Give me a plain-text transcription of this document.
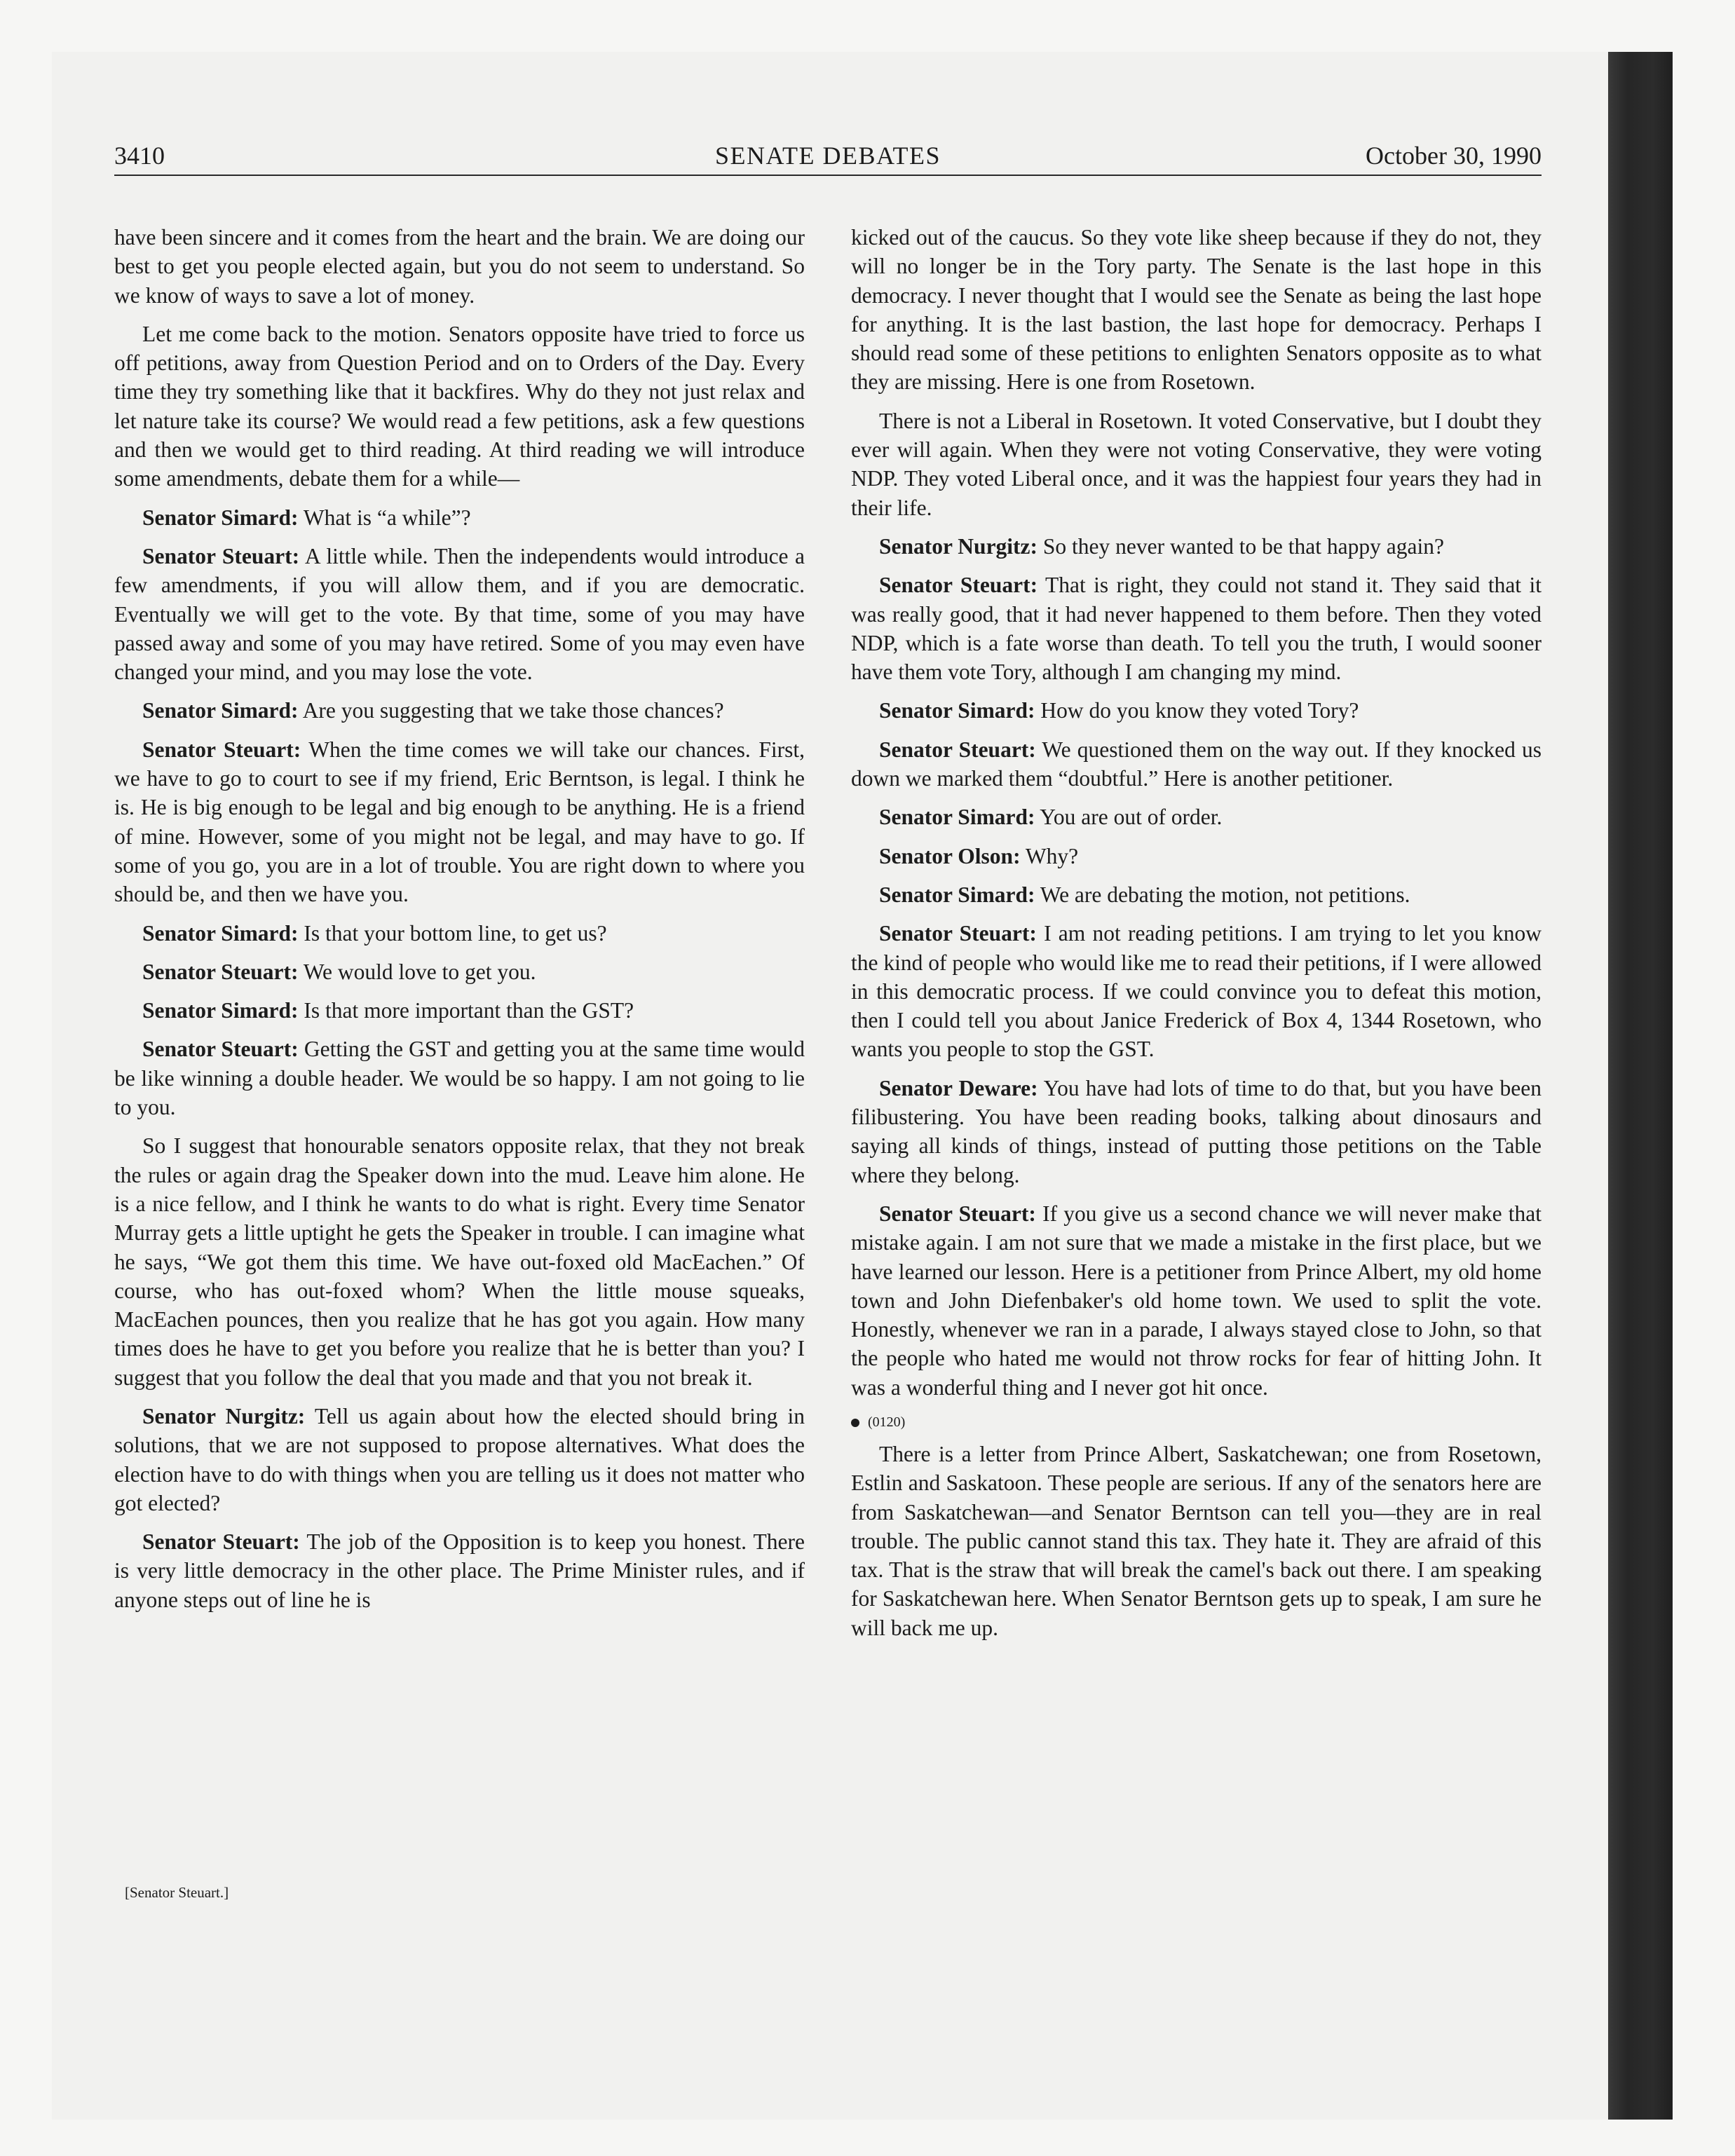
3410	SENATE DEBATES	October 30, 1990

have been sincere and it comes from the heart and the brain. We are doing our best to get you people elected again, but you do not seem to understand. So we know of ways to save a lot of money.

Let me come back to the motion. Senators opposite have tried to force us off petitions, away from Question Period and on to Orders of the Day. Every time they try something like that it backfires. Why do they not just relax and let nature take its course? We would read a few petitions, ask a few questions and then we would get to third reading. At third reading we will introduce some amendments, debate them for a while—

Senator Simard: What is “a while”?

Senator Steuart: A little while. Then the independents would introduce a few amendments, if you will allow them, and if you are democratic. Eventually we will get to the vote. By that time, some of you may have passed away and some of you may have retired. Some of you may even have changed your mind, and you may lose the vote.

Senator Simard: Are you suggesting that we take those chances?

Senator Steuart: When the time comes we will take our chances. First, we have to go to court to see if my friend, Eric Berntson, is legal. I think he is. He is big enough to be legal and big enough to be anything. He is a friend of mine. However, some of you might not be legal, and may have to go. If some of you go, you are in a lot of trouble. You are right down to where you should be, and then we have you.

Senator Simard: Is that your bottom line, to get us?

Senator Steuart: We would love to get you.

Senator Simard: Is that more important than the GST?

Senator Steuart: Getting the GST and getting you at the same time would be like winning a double header. We would be so happy. I am not going to lie to you.

So I suggest that honourable senators opposite relax, that they not break the rules or again drag the Speaker down into the mud. Leave him alone. He is a nice fellow, and I think he wants to do what is right. Every time Senator Murray gets a little uptight he gets the Speaker in trouble. I can imagine what he says, “We got them this time. We have out-foxed old MacEachen.” Of course, who has out-foxed whom? When the little mouse squeaks, MacEachen pounces, then you realize that he has got you again. How many times does he have to get you before you realize that he is better than you? I suggest that you follow the deal that you made and that you not break it.

Senator Nurgitz: Tell us again about how the elected should bring in solutions, that we are not supposed to propose alternatives. What does the election have to do with things when you are telling us it does not matter who got elected?

Senator Steuart: The job of the Opposition is to keep you honest. There is very little democracy in the other place. The Prime Minister rules, and if anyone steps out of line he is

kicked out of the caucus. So they vote like sheep because if they do not, they will no longer be in the Tory party. The Senate is the last hope in this democracy. I never thought that I would see the Senate as being the last hope for anything. It is the last bastion, the last hope for democracy. Perhaps I should read some of these petitions to enlighten Senators opposite as to what they are missing. Here is one from Rosetown.

There is not a Liberal in Rosetown. It voted Conservative, but I doubt they ever will again. When they were not voting Conservative, they were voting NDP. They voted Liberal once, and it was the happiest four years they had in their life.

Senator Nurgitz: So they never wanted to be that happy again?

Senator Steuart: That is right, they could not stand it. They said that it was really good, that it had never happened to them before. Then they voted NDP, which is a fate worse than death. To tell you the truth, I would sooner have them vote Tory, although I am changing my mind.

Senator Simard: How do you know they voted Tory?

Senator Steuart: We questioned them on the way out. If they knocked us down we marked them “doubtful.” Here is another petitioner.

Senator Simard: You are out of order.

Senator Olson: Why?

Senator Simard: We are debating the motion, not petitions.

Senator Steuart: I am not reading petitions. I am trying to let you know the kind of people who would like me to read their petitions, if I were allowed in this democratic process. If we could convince you to defeat this motion, then I could tell you about Janice Frederick of Box 4, 1344 Rosetown, who wants you people to stop the GST.

Senator Deware: You have had lots of time to do that, but you have been filibustering. You have been reading books, talking about dinosaurs and saying all kinds of things, instead of putting those petitions on the Table where they belong.

Senator Steuart: If you give us a second chance we will never make that mistake again. I am not sure that we made a mistake in the first place, but we have learned our lesson. Here is a petitioner from Prince Albert, my old home town and John Diefenbaker's old home town. We used to split the vote. Honestly, whenever we ran in a parade, I always stayed close to John, so that the people who hated me would not throw rocks for fear of hitting John. It was a wonderful thing and I never got hit once.

(0120)

There is a letter from Prince Albert, Saskatchewan; one from Rosetown, Estlin and Saskatoon. These people are serious. If any of the senators here are from Saskatchewan—and Senator Berntson can tell you—they are in real trouble. The public cannot stand this tax. They hate it. They are afraid of this tax. That is the straw that will break the camel's back out there. I am speaking for Saskatchewan here. When Senator Berntson gets up to speak, I am sure he will back me up.

[Senator Steuart.]
